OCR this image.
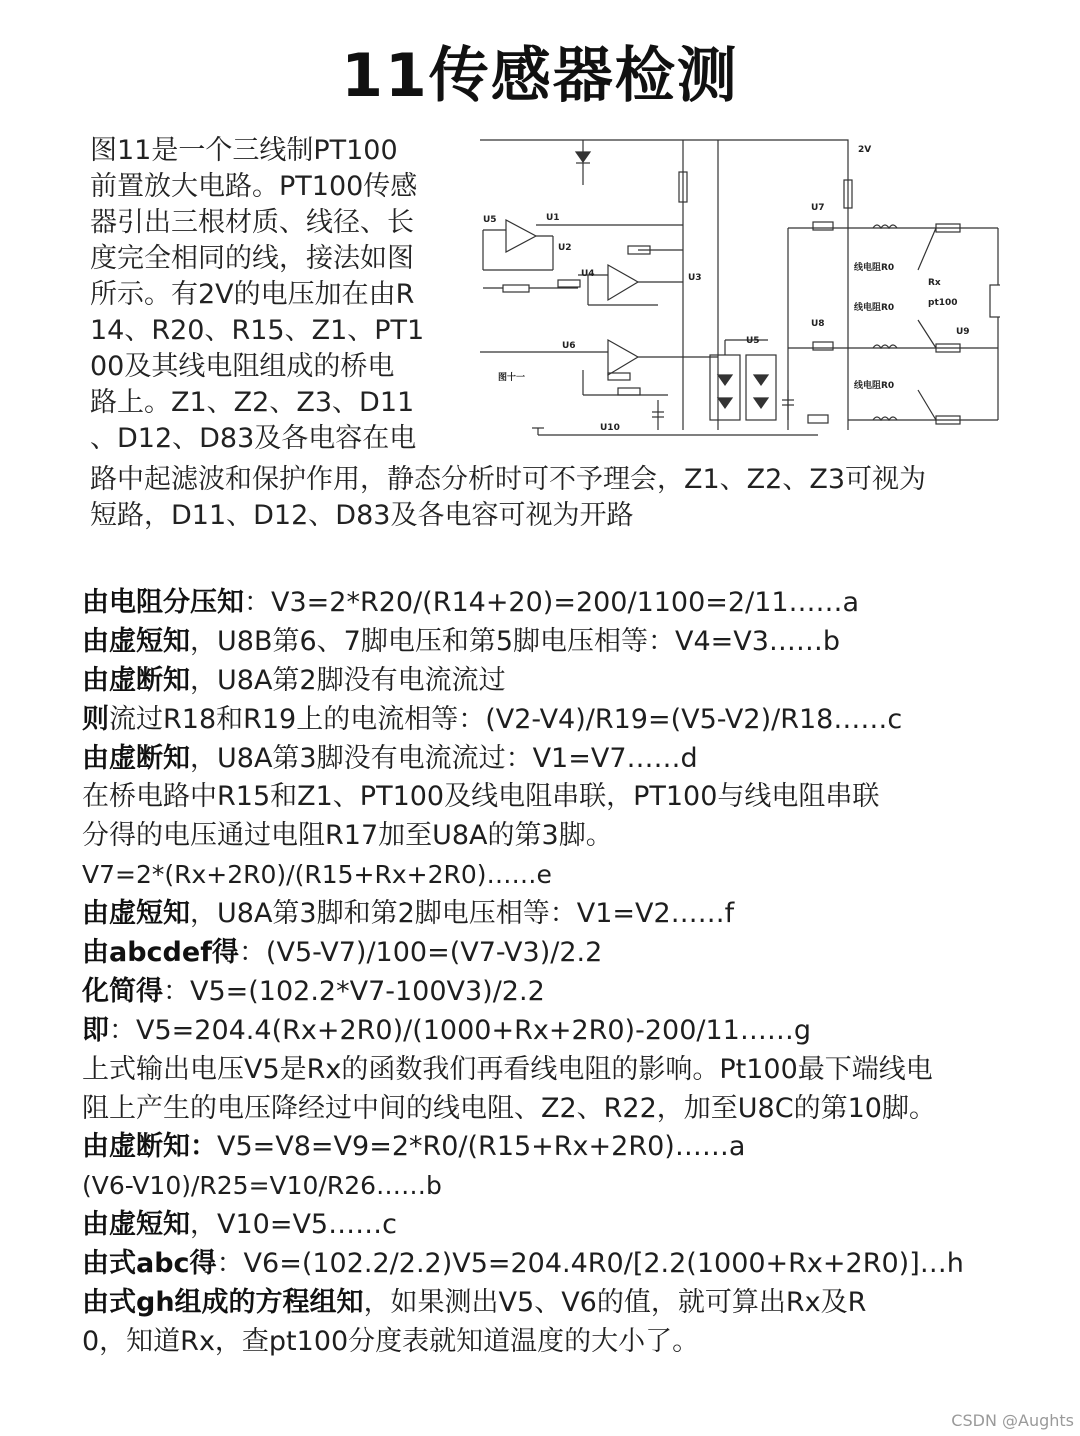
11传感器检测
图11是一个三线制PT100
前置放大电路。PT100传感
器引出三根材质、线径、长
度完全相同的线，接法如图
所示。有2V的电压加在由R
14、R20、R15、Z1、PT1
00及其线电阻组成的桥电
路上。Z1、Z2、Z3、D11
、D12、D83及各电容在电
U5	U1
U2
U4	U3
U6
U7
U8
U9
U10
U5
2V
Rx
pt100
线电阻R0
线电阻R0
线电阻R0
图十一
路中起滤波和保护作用，静态分析时可不予理会，Z1、Z2、Z3可视为
短路，D11、D12、D83及各电容可视为开路
由电阻分压知：V3=2*R20/(R14+20)=200/1100=2/11……a
由虚短知，U8B第6、7脚电压和第5脚电压相等：V4=V3……b
由虚断知，U8A第2脚没有电流流过
则流过R18和R19上的电流相等：(V2-V4)/R19=(V5-V2)/R18……c
由虚断知，U8A第3脚没有电流流过：V1=V7……d
在桥电路中R15和Z1、PT100及线电阻串联，PT100与线电阻串联
分得的电压通过电阻R17加至U8A的第3脚。
V7=2*(Rx+2R0)/(R15+Rx+2R0)……e
由虚短知，U8A第3脚和第2脚电压相等：V1=V2……f
由abcdef得：(V5-V7)/100=(V7-V3)/2.2
化简得：V5=(102.2*V7-100V3)/2.2
即：V5=204.4(Rx+2R0)/(1000+Rx+2R0)-200/11……g
上式输出电压V5是Rx的函数我们再看线电阻的影响。Pt100最下端线电
阻上产生的电压降经过中间的线电阻、Z2、R22，加至U8C的第10脚。
由虚断知：V5=V8=V9=2*R0/(R15+Rx+2R0)……a
(V6-V10)/R25=V10/R26……b
由虚短知，V10=V5……c
由式abc得：V6=(102.2/2.2)V5=204.4R0/[2.2(1000+Rx+2R0)]…h
由式gh组成的方程组知，如果测出V5、V6的值，就可算出Rx及R
0，知道Rx，查pt100分度表就知道温度的大小了。
CSDN @Aughts
